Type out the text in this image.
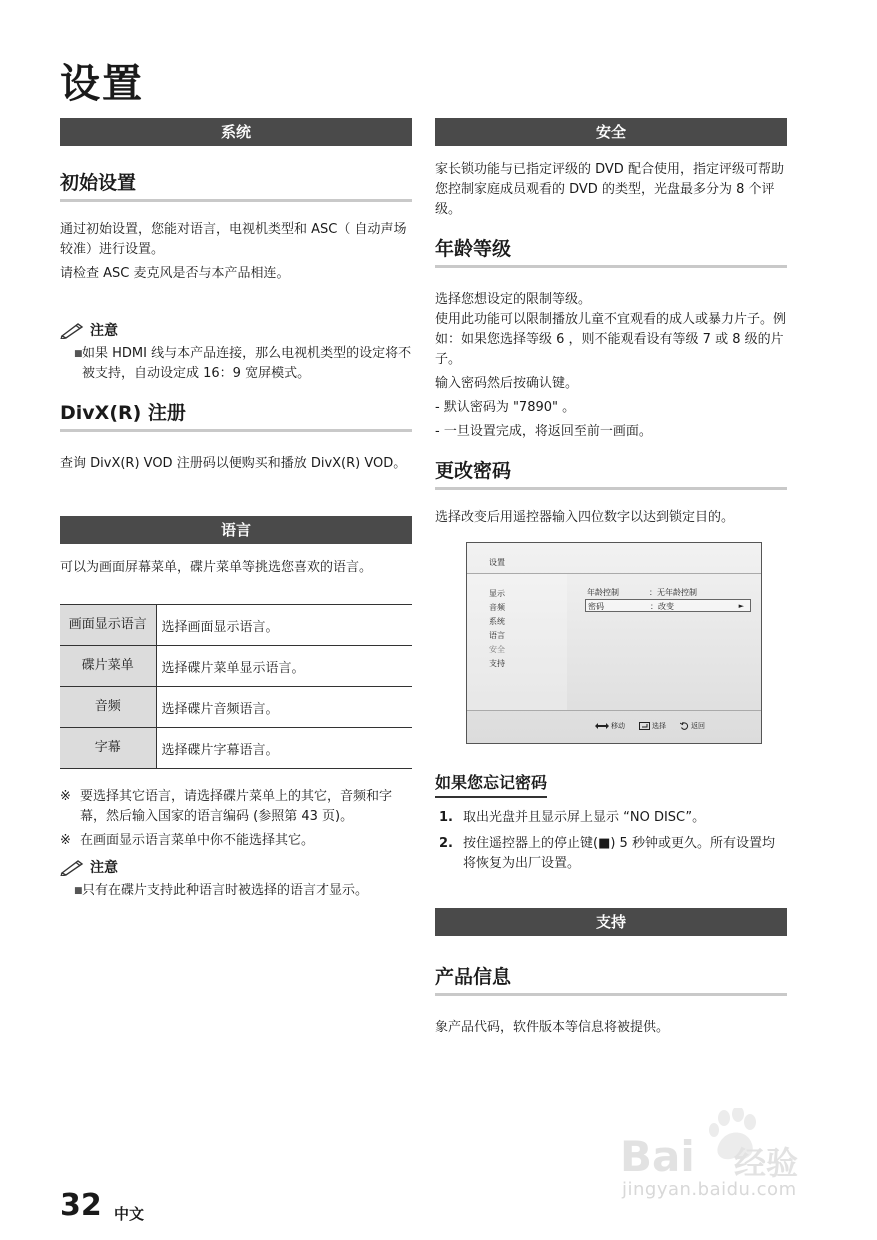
设置
系统
初始设置
通过初始设置，您能对语言，电视机类型和 ASC（ 自动声场较准）进行设置。
请检查 ASC 麦克风是否与本产品相连。
注意
■ 如果 HDMI 线与本产品连接，那么电视机类型的设定将不被支持，自动设定成 16：9 宽屏模式。
DivX(R) 注册
查询 DivX(R) VOD 注册码以便购买和播放 DivX(R) VOD。
语言
可以为画面屏幕菜单，碟片菜单等挑选您喜欢的语言。
画面显示语言	选择画面显示语言。
碟片菜单	选择碟片菜单显示语言。
音频	选择碟片音频语言。
字幕	选择碟片字幕语言。
※ 要选择其它语言，请选择碟片菜单上的其它，音频和字幕，然后输入国家的语言编码 (参照第 43 页)。
※ 在画面显示语言菜单中你不能选择其它。
注意
■ 只有在碟片支持此种语言时被选择的语言才显示。
安全
家长锁功能与已指定评级的 DVD 配合使用，指定评级可帮助您控制家庭成员观看的 DVD 的类型，光盘最多分为 8 个评级。
年龄等级
选择您想设定的限制等级。
使用此功能可以限制播放儿童不宜观看的成人或暴力片子。例如：如果您选择等级 6 ，则不能观看设有等级 7 或 8 级的片子。
输入密码然后按确认键。
- 默认密码为 "7890" 。
- 一旦设置完成，将返回至前一画面。
更改密码
选择改变后用遥控器输入四位数字以达到锁定目的。
设置
显示
音频
系统
语言
安全
支持
年龄控制	：无年龄控制
密码	：改变	►
移动	选择	返回
如果您忘记密码
1. 取出光盘并且显示屏上显示 “NO DISC”。
2. 按住遥控器上的停止键(■) 5 秒钟或更久。所有设置均将恢复为出厂设置。
支持
产品信息
象产品代码，软件版本等信息将被提供。
Bai 经验
jingyan.baidu.com
32 中文
